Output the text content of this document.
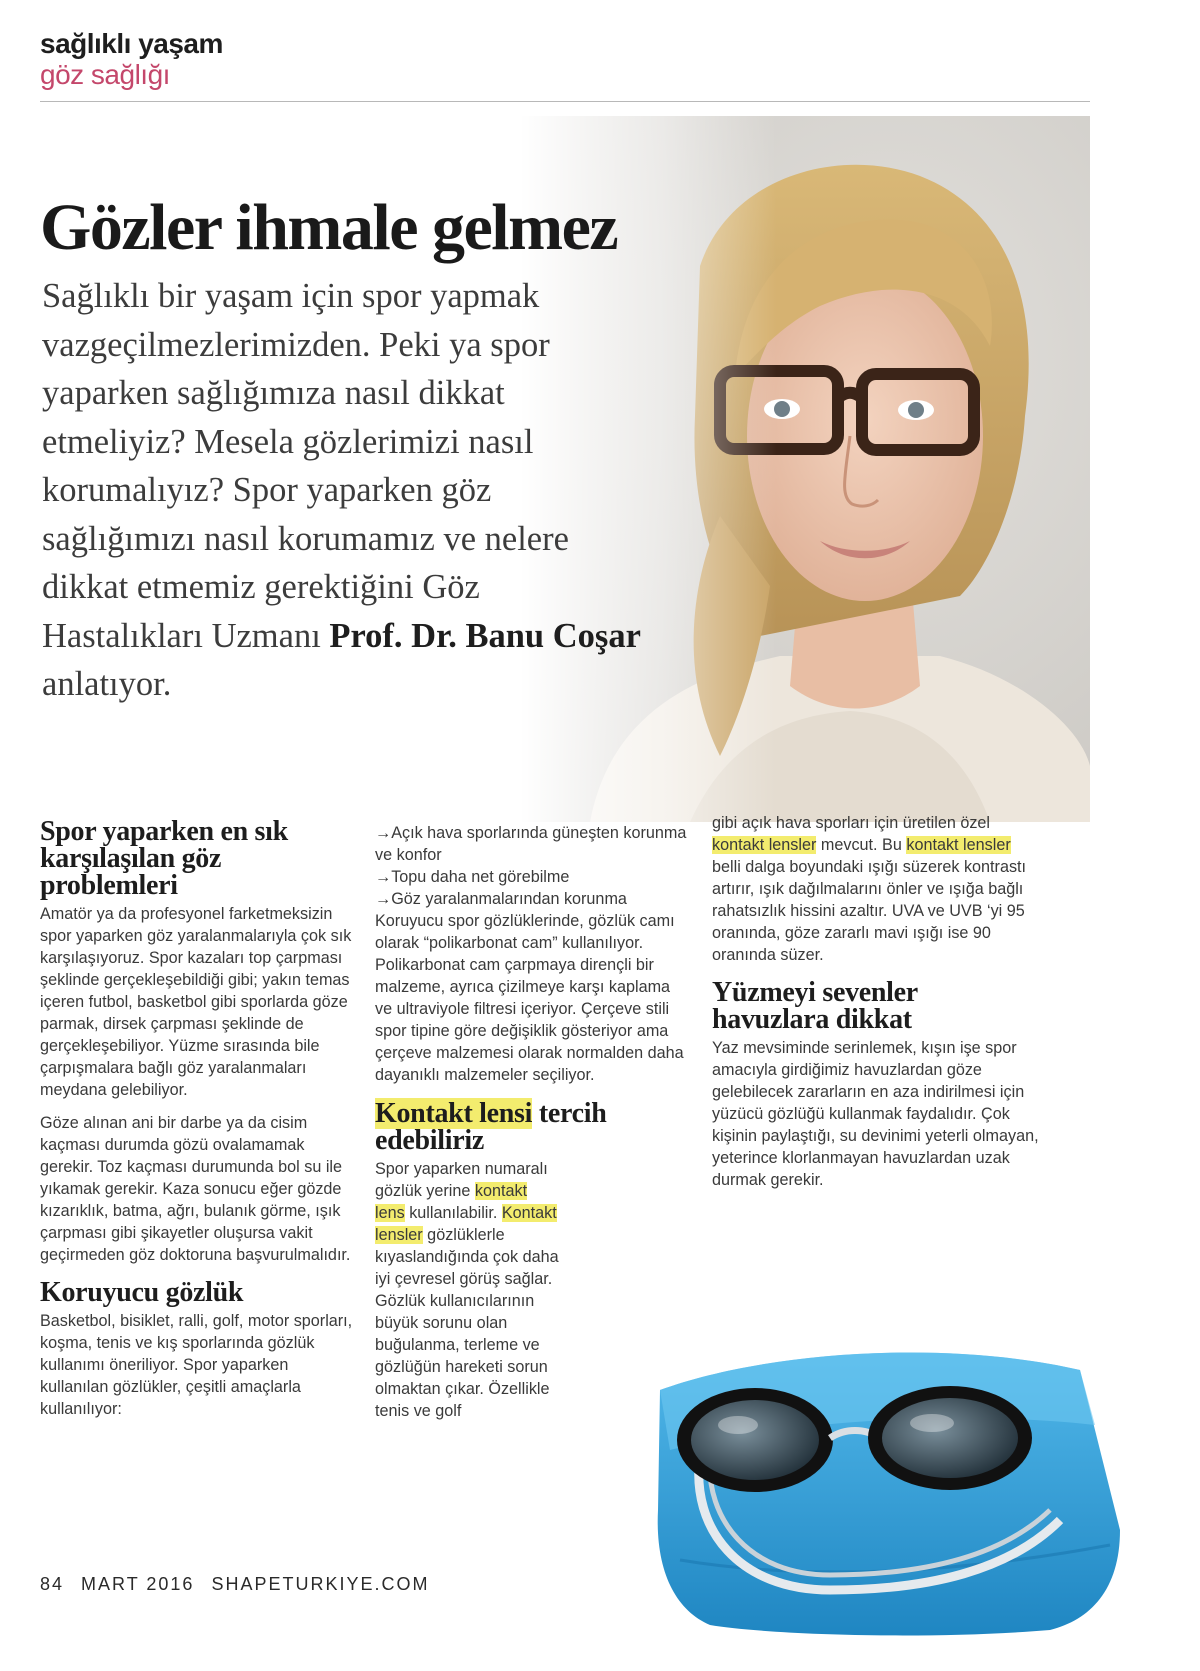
sağlıklı yaşam
göz sağlığı
Gözler ihmale gelmez
Sağlıklı bir yaşam için spor yapmak vazgeçilmezlerimizden. Peki ya spor yaparken sağlığımıza nasıl dikkat etmeliyiz? Mesela gözlerimizi nasıl korumalıyız? Spor yaparken göz sağlığımızı nasıl korumamız ve nelere dikkat etmemiz gerektiğini Göz Hastalıkları Uzmanı Prof. Dr. Banu Coşar anlatıyor.
Spor yaparken en sık karşılaşılan göz problemleri

Amatör ya da profesyonel farketmeksizin spor yaparken göz yaralanmalarıyla çok sık karşılaşıyoruz. Spor kazaları top çarpması şeklinde gerçekleşebildiği gibi; yakın temas içeren futbol, basketbol gibi sporlarda göze parmak, dirsek çarpması şeklinde de gerçekleşebiliyor. Yüzme sırasında bile çarpışmalara bağlı göz yaralanmaları meydana gelebiliyor.

Göze alınan ani bir darbe ya da cisim kaçması durumda gözü ovalamamak gerekir. Toz kaçması durumunda bol su ile yıkamak gerekir. Kaza sonucu eğer gözde kızarıklık, batma, ağrı, bulanık görme, ışık çarpması gibi şikayetler oluşursa vakit geçirmeden göz doktoruna başvurulmalıdır.

Koruyucu gözlük

Basketbol, bisiklet, ralli, golf, motor sporları, koşma, tenis ve kış sporlarında gözlük kullanımı öneriliyor. Spor yaparken kullanılan gözlükler, çeşitli amaçlarla kullanılıyor:

→Açık hava sporlarında güneşten korunma ve konfor

→Topu daha net görebilme

→Göz yaralanmalarından korunma

Koruyucu spor gözlüklerinde, gözlük camı olarak “polikarbonat cam” kullanılıyor. Polikarbonat cam çarpmaya dirençli bir malzeme, ayrıca çizilmeye karşı kaplama ve ultraviyole filtresi içeriyor. Çerçeve stili spor tipine göre değişiklik gösteriyor ama çerçeve malzemesi olarak normalden daha dayanıklı malzemeler seçiliyor.

Kontakt lensi tercih edebiliriz

Spor yaparken numaralı gözlük yerine kontakt lens kullanılabilir. Kontakt lensler gözlüklerle kıyaslandığında çok daha iyi çevresel görüş sağlar. Gözlük kullanıcılarının büyük sorunu olan buğulanma, terleme ve gözlüğün hareketi sorun olmaktan çıkar. Özellikle tenis ve golf

gibi açık hava sporları için üretilen özel kontakt lensler mevcut. Bu kontakt lensler belli dalga boyundaki ışığı süzerek kontrastı artırır, ışık dağılmalarını önler ve ışığa bağlı rahatsızlık hissini azaltır. UVA ve UVB ‘yi 95 oranında, göze zararlı mavi ışığı ise 90 oranında süzer.

Yüzmeyi sevenler havuzlara dikkat

Yaz mevsiminde serinlemek, kışın işe spor amacıyla girdiğimiz havuzlardan göze gelebilecek zararların en aza indirilmesi için yüzücü gözlüğü kullanmak faydalıdır. Çok kişinin paylaştığı, su devinimi yeterli olmayan, yeterince klorlanmayan havuzlardan uzak durmak gerekir.

84 MART 2016 SHAPETURKIYE.COM
